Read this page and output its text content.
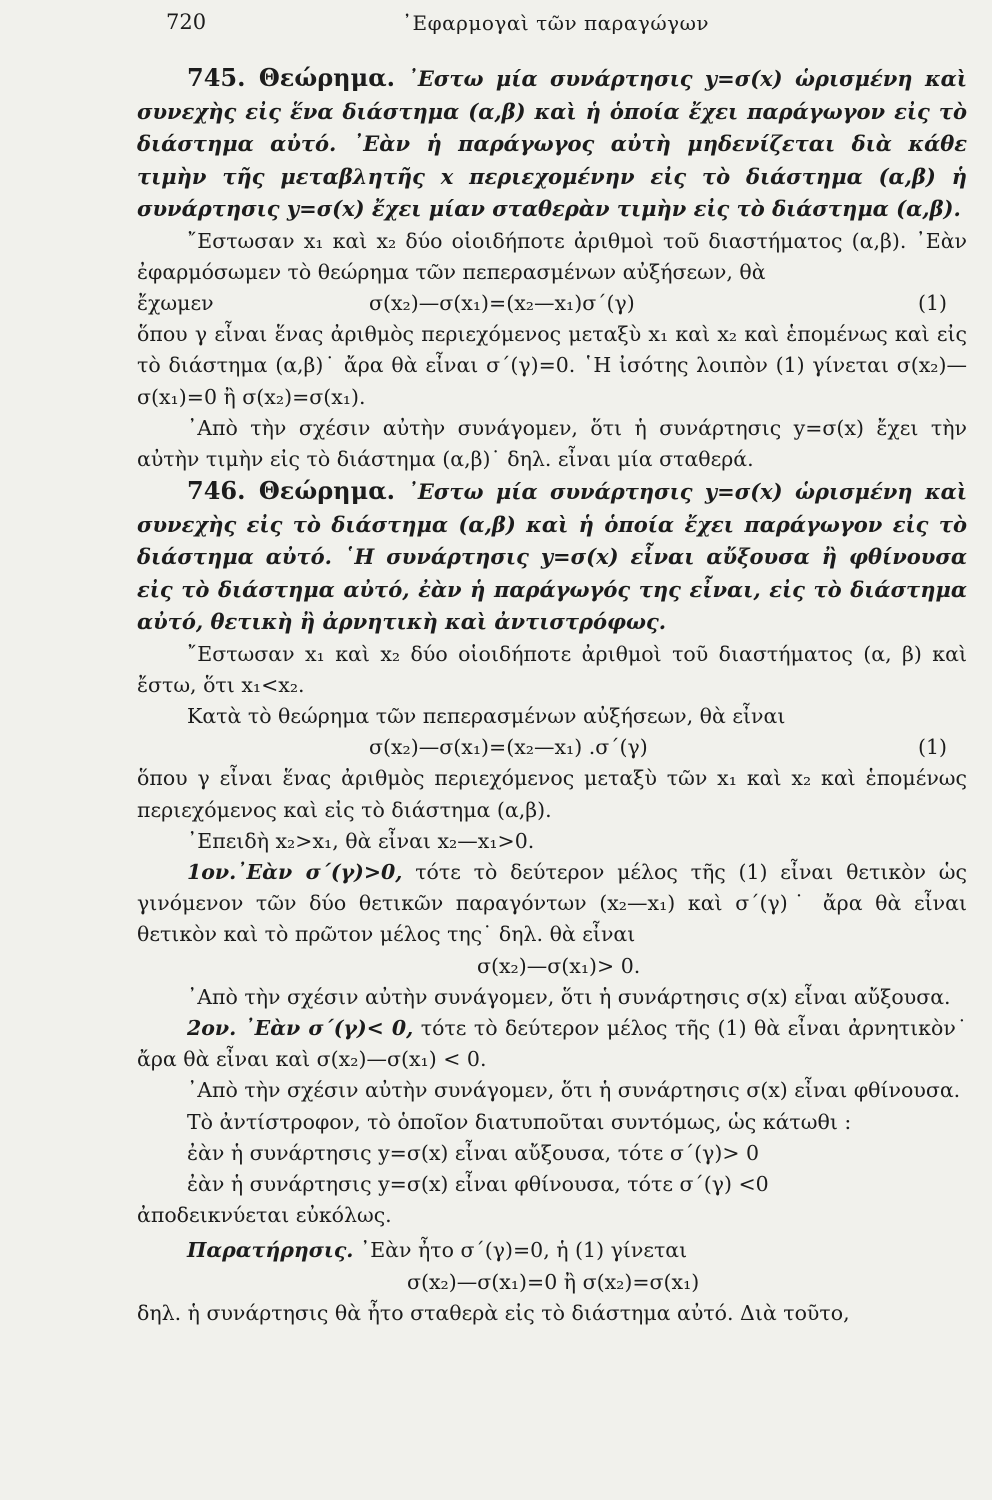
720	᾿Εφαρμογαὶ τῶν παραγώγων

745. Θεώρημα. ᾿Εστω μία συνάρτησις y=σ(x) ὡρισμένη καὶ συνεχὴς εἰς ἕνα διάστημα (α,β) καὶ ἡ ὁποία ἔχει παράγωγον εἰς τὸ διάστημα αὐτό. ᾿Εὰν ἡ παράγωγος αὐτὴ μηδενίζεται διὰ κάθε τιμὴν τῆς μεταβλητῆς x περιεχομένην εἰς τὸ διάστημα (α,β) ἡ συνάρτησις y=σ(x) ἔχει μίαν σταθερὰν τιμὴν εἰς τὸ διάστημα (α,β).

῎Εστωσαν x₁ καὶ x₂ δύο οἱοιδήποτε ἀριθμοὶ τοῦ διαστήματος (α,β). ᾿Εὰν ἐφαρμόσωμεν τὸ θεώρημα τῶν πεπερασμένων αὐξήσεων, θὰ

ἔχωμεν	σ(x₂)—σ(x₁)=(x₂—x₁)σ΄(γ)	(1)

ὅπου γ εἶναι ἕνας ἀριθμὸς περιεχόμενος μεταξὺ x₁ καὶ x₂ καὶ ἑπομένως καὶ εἰς τὸ διάστημα (α,β)˙ ἄρα θὰ εἶναι σ΄(γ)=0. ῾Η ἰσότης λοιπὸν (1) γίνεται σ(x₂)—σ(x₁)=0 ἢ σ(x₂)=σ(x₁).

᾿Απὸ τὴν σχέσιν αὐτὴν συνάγομεν, ὅτι ἡ συνάρτησις y=σ(x) ἔχει τὴν αὐτὴν τιμὴν εἰς τὸ διάστημα (α,β)˙ δηλ. εἶναι μία σταθερά.

746. Θεώρημα. ᾿Εστω μία συνάρτησις y=σ(x) ὡρισμένη καὶ συνεχὴς εἰς τὸ διάστημα (α,β) καὶ ἡ ὁποία ἔχει παράγωγον εἰς τὸ διάστημα αὐτό. ῾Η συνάρτησις y=σ(x) εἶναι αὔξουσα ἢ φθίνουσα εἰς τὸ διάστημα αὐτό, ἐὰν ἡ παράγωγός της εἶναι, εἰς τὸ διάστημα αὐτό, θετικὴ ἢ ἀρνητικὴ καὶ ἀντιστρόφως.

῎Εστωσαν x₁ καὶ x₂ δύο οἱοιδήποτε ἀριθμοὶ τοῦ διαστήματος (α, β) καὶ ἔστω, ὅτι x₁<x₂.

Κατὰ τὸ θεώρημα τῶν πεπερασμένων αὐξήσεων, θὰ εἶναι

σ(x₂)—σ(x₁)=(x₂—x₁) .σ΄(γ)	(1)

ὅπου γ εἶναι ἕνας ἀριθμὸς περιεχόμενος μεταξὺ τῶν x₁ καὶ x₂ καὶ ἑπομένως περιεχόμενος καὶ εἰς τὸ διάστημα (α,β).

᾿Επειδὴ x₂>x₁, θὰ εἶναι x₂—x₁>0.

1ον.᾿Εὰν σ΄(γ)>0, τότε τὸ δεύτερον μέλος τῆς (1) εἶναι θετικὸν ὡς γινόμενον τῶν δύο θετικῶν παραγόντων (x₂—x₁) καὶ σ΄(γ)˙ ἄρα θὰ εἶναι θετικὸν καὶ τὸ πρῶτον μέλος της˙ δηλ. θὰ εἶναι

σ(x₂)—σ(x₁)> 0.

᾿Απὸ τὴν σχέσιν αὐτὴν συνάγομεν, ὅτι ἡ συνάρτησις σ(x) εἶναι αὔξουσα.

2ον. ᾿Εὰν σ΄(γ)< 0, τότε τὸ δεύτερον μέλος τῆς (1) θὰ εἶναι ἀρνητικὸν˙ ἄρα θὰ εἶναι καὶ σ(x₂)—σ(x₁) < 0.

᾿Απὸ τὴν σχέσιν αὐτὴν συνάγομεν, ὅτι ἡ συνάρτησις σ(x) εἶναι φθίνουσα.

Τὸ ἀντίστροφον, τὸ ὁποῖον διατυποῦται συντόμως, ὡς κάτωθι :

ἐὰν ἡ συνάρτησις y=σ(x) εἶναι αὔξουσα, τότε σ΄(γ)> 0

ἐὰν ἡ συνάρτησις y=σ(x) εἶναι φθίνουσα, τότε σ΄(γ) <0

ἀποδεικνύεται εὐκόλως.

Παρατήρησις. ᾿Εὰν ἦτο σ΄(γ)=0, ἡ (1) γίνεται

σ(x₂)—σ(x₁)=0 ἢ σ(x₂)=σ(x₁)

δηλ. ἡ συνάρτησις θὰ ἦτο σταθερὰ εἰς τὸ διάστημα αὐτό. Διὰ τοῦτο,
